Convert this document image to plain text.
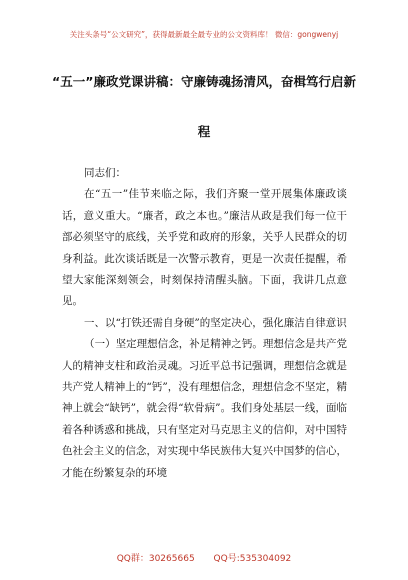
关注头条号“公文研究”，获得最新最全最专业的公文资料库！ 微信：gongwenyj
“五一”廉政党课讲稿：守廉铸魂扬清风，奋楫笃行启新
程

同志们：

在“五一”佳节来临之际，我们齐聚一堂开展集体廉政谈话，意义重大。“廉者，政之本也。”廉洁从政是我们每一位干部必须坚守的底线，关乎党和政府的形象，关乎人民群众的切身利益。此次谈话既是一次警示教育，更是一次责任提醒，希望大家能深刻领会，时刻保持清醒头脑。下面，我讲几点意见。

一、以“打铁还需自身硬”的坚定决心，强化廉洁自律意识

（一）坚定理想信念，补足精神之钙。理想信念是共产党人的精神支柱和政治灵魂。习近平总书记强调，理想信念就是共产党人精神上的“钙”，没有理想信念，理想信念不坚定，精神上就会“缺钙”，就会得“软骨病”。我们身处基层一线，面临着各种诱惑和挑战，只有坚定对马克思主义的信仰，对中国特色社会主义的信念，对实现中华民族伟大复兴中国梦的信心，才能在纷繁复杂的环境

QQ群：30265665 QQ号:535304092
